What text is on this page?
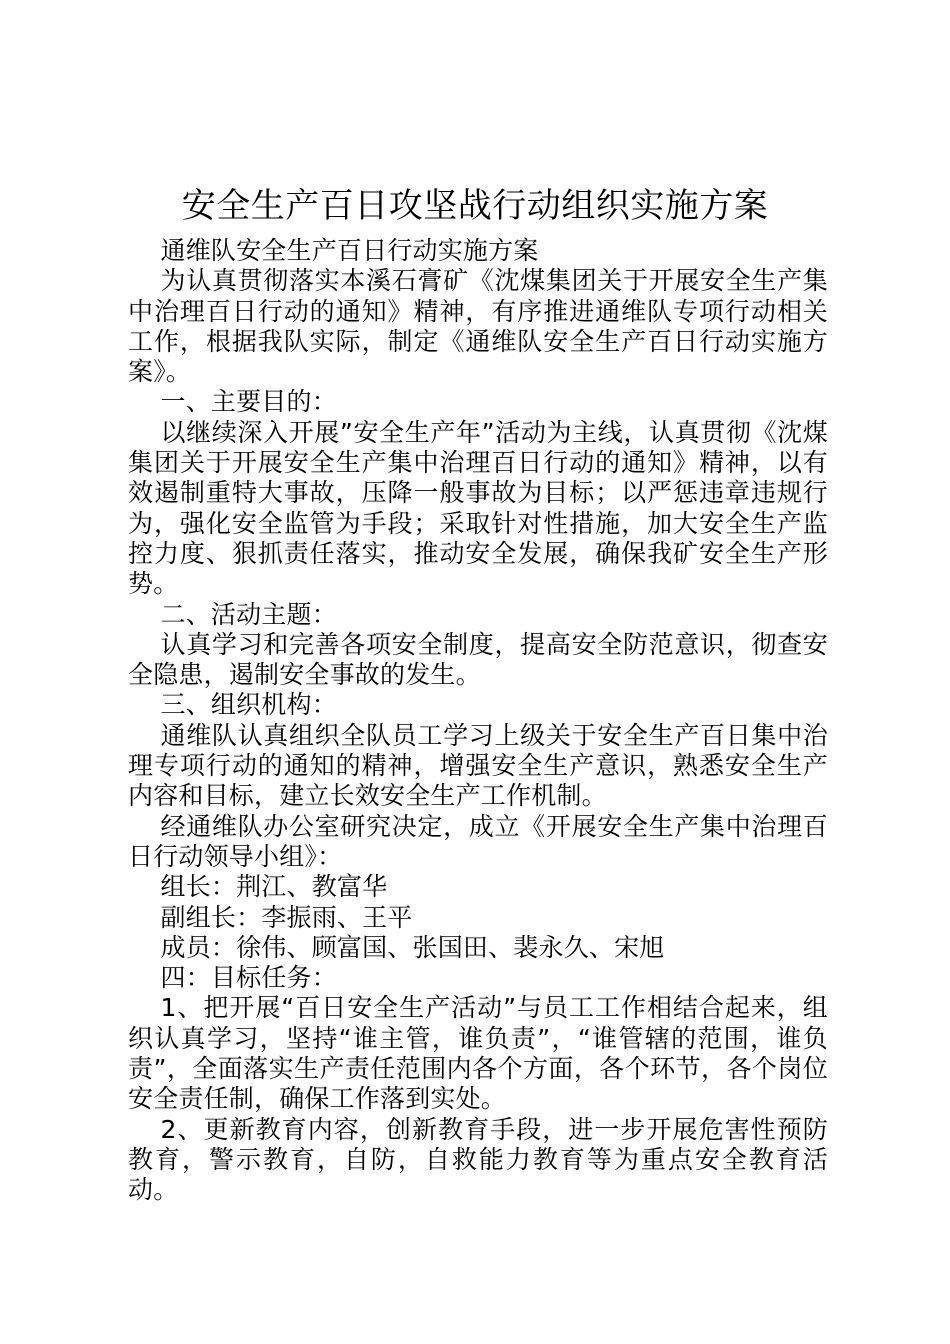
安全生产百日攻坚战行动组织实施方案

通维队安全生产百日行动实施方案

为认真贯彻落实本溪石膏矿《沈煤集团关于开展安全生产集中治理百日行动的通知》精神，有序推进通维队专项行动相关工作，根据我队实际，制定《通维队安全生产百日行动实施方案》。

一、主要目的：

以继续深入开展”安全生产年”活动为主线，认真贯彻《沈煤集团关于开展安全生产集中治理百日行动的通知》精神，以有效遏制重特大事故，压降一般事故为目标；以严惩违章违规行为，强化安全监管为手段；采取针对性措施，加大安全生产监控力度、狠抓责任落实，推动安全发展，确保我矿安全生产形势。

二、活动主题：

认真学习和完善各项安全制度，提高安全防范意识，彻查安全隐患，遏制安全事故的发生。

三、组织机构：

通维队认真组织全队员工学习上级关于安全生产百日集中治理专项行动的通知的精神，增强安全生产意识，熟悉安全生产内容和目标，建立长效安全生产工作机制。

经通维队办公室研究决定，成立《开展安全生产集中治理百日行动领导小组》：

组长：荆江、教富华

副组长：李振雨、王平

成员：徐伟、顾富国、张国田、裴永久、宋旭

四：目标任务：

1、把开展“百日安全生产活动”与员工工作相结合起来，组织认真学习，坚持“谁主管，谁负责”，“谁管辖的范围，谁负责”，全面落实生产责任范围内各个方面，各个环节，各个岗位安全责任制，确保工作落到实处。

2、更新教育内容，创新教育手段，进一步开展危害性预防教育，警示教育，自防，自救能力教育等为重点安全教育活动。
